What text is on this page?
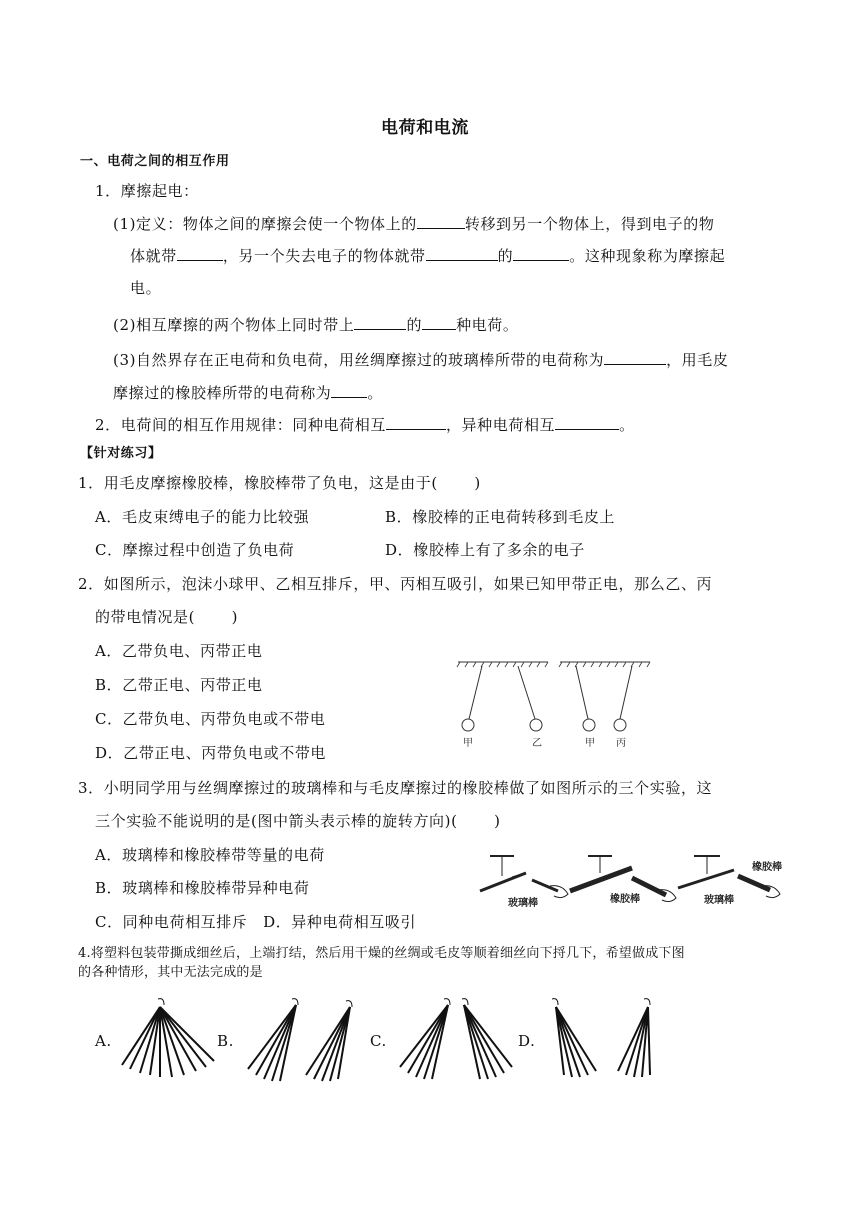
电荷和电流
一、电荷之间的相互作用
1．摩擦起电：
(1)定义：物体之间的摩擦会使一个物体上的	转移到另一个物体上，得到电子的物
体就带	，另一个失去电子的物体就带	的	。这种现象称为摩擦起
电。
(2)相互摩擦的两个物体上同时带上	的 种电荷。
(3)自然界存在正电荷和负电荷，用丝绸摩擦过的玻璃棒所带的电荷称为	，用毛皮
摩擦过的橡胶棒所带的电荷称为 。
2．电荷间的相互作用规律：同种电荷相互	，异种电荷相互	。
【针对练习】
1．用毛皮摩擦橡胶棒，橡胶棒带了负电，这是由于(　　 )
A．毛皮束缚电子的能力比较强	B．橡胶棒的正电荷转移到毛皮上
C．摩擦过程中创造了负电荷	D．橡胶棒上有了多余的电子
2．如图所示，泡沫小球甲、乙相互排斥，甲、丙相互吸引，如果已知甲带正电，那么乙、丙
的带电情况是(　　 )
A．乙带负电、丙带正电
B．乙带正电、丙带正电
C．乙带负电、丙带负电或不带电
D．乙带正电、丙带负电或不带电
甲	乙	甲 丙
3．小明同学用与丝绸摩擦过的玻璃棒和与毛皮摩擦过的橡胶棒做了如图所示的三个实验，这
三个实验不能说明的是(图中箭头表示棒的旋转方向)(　　 )
A．玻璃棒和橡胶棒带等量的电荷
B．玻璃棒和橡胶棒带异种电荷
C．同种电荷相互排斥　D．异种电荷相互吸引
玻璃棒	橡胶棒	玻璃棒
橡胶棒
4.将塑料包装带撕成细丝后，上端打结，然后用干燥的丝绸或毛皮等顺着细丝向下捋几下，希望做成下图
的各种情形，其中无法完成的是
A.	B.	C.	D.
